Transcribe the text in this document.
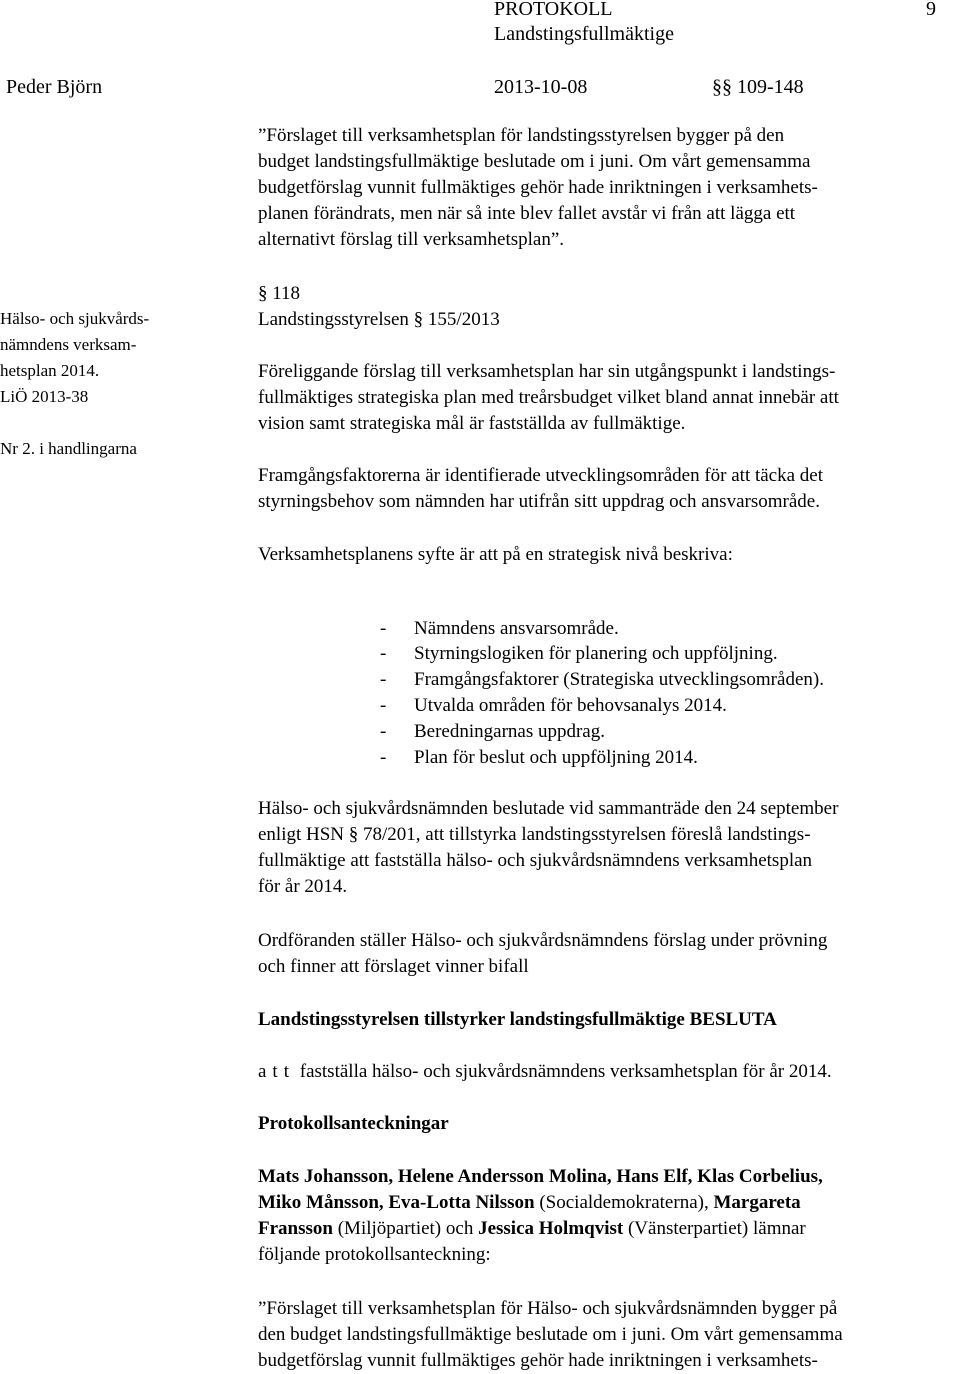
PROTOKOLL	9
Landstingsfullmäktige
Peder Björn	2013-10-08	§§ 109-148
”Förslaget till verksamhetsplan för landstingsstyrelsen bygger på den
budget landstingsfullmäktige beslutade om i juni. Om vårt gemensamma
budgetförslag vunnit fullmäktiges gehör hade inriktningen i verksamhets-
planen förändrats, men när så inte blev fallet avstår vi från att lägga ett
alternativt förslag till verksamhetsplan”.
Hälso- och sjukvårds-
nämndens verksam-
hetsplan 2014.
LiÖ 2013-38
Nr 2. i handlingarna
§ 118
Landstingsstyrelsen § 155/2013
Föreliggande förslag till verksamhetsplan har sin utgångspunkt i landstings-
fullmäktiges strategiska plan med treårsbudget vilket bland annat innebär att
vision samt strategiska mål är fastställda av fullmäktige.
Framgångsfaktorerna är identifierade utvecklingsområden för att täcka det
styrningsbehov som nämnden har utifrån sitt uppdrag och ansvarsområde.
Verksamhetsplanens syfte är att på en strategisk nivå beskriva:
- Nämndens ansvarsområde.
- Styrningslogiken för planering och uppföljning.
- Framgångsfaktorer (Strategiska utvecklingsområden).
- Utvalda områden för behovsanalys 2014.
- Beredningarnas uppdrag.
- Plan för beslut och uppföljning 2014.
Hälso- och sjukvårdsnämnden beslutade vid sammanträde den 24 september
enligt HSN § 78/201, att tillstyrka landstingsstyrelsen föreslå landstings-
fullmäktige att fastställa hälso- och sjukvårdsnämndens verksamhetsplan
för år 2014.
Ordföranden ställer Hälso- och sjukvårdsnämndens förslag under prövning
och finner att förslaget vinner bifall
Landstingsstyrelsen tillstyrker landstingsfullmäktige BESLUTA
att fastställa hälso- och sjukvårdsnämndens verksamhetsplan för år 2014.
Protokollsanteckningar
Mats Johansson, Helene Andersson Molina, Hans Elf, Klas Corbelius,
Miko Månsson, Eva-Lotta Nilsson (Socialdemokraterna), Margareta
Fransson (Miljöpartiet) och Jessica Holmqvist (Vänsterpartiet) lämnar
följande protokollsanteckning:
”Förslaget till verksamhetsplan för Hälso- och sjukvårdsnämnden bygger på
den budget landstingsfullmäktige beslutade om i juni. Om vårt gemensamma
budgetförslag vunnit fullmäktiges gehör hade inriktningen i verksamhets-
